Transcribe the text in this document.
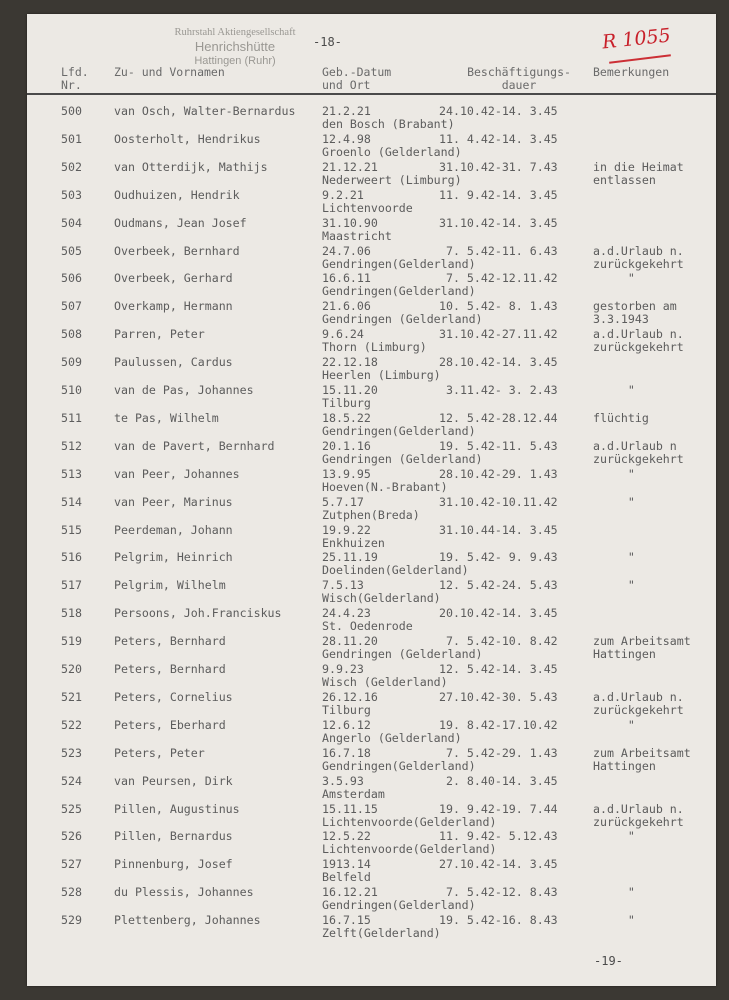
Ruhrstahl Aktiengesellschaft
Henrichshütte
Hattingen (Ruhr)
-18-	R 1055
Lfd.
Nr.
Zu- und Vornamen	Geb.-Datum
und Ort
Beschäftigungs-
dauer
Bemerkungen
500	van Osch, Walter-Bernardus 21.2.21
den Bosch (Brabant)
24.10.42-14. 3.45
501	Oosterholt, Hendrikus	12.4.98
Groenlo (Gelderland)
11. 4.42-14. 3.45
502	van Otterdijk, Mathijs	21.12.21
Nederweert (Limburg)
31.10.42-31. 7.43	in die Heimat
entlassen
503	Oudhuizen, Hendrik	9.2.21
Lichtenvoorde
11. 9.42-14. 3.45
504	Oudmans, Jean Josef	31.10.90
Maastricht
31.10.42-14. 3.45
505	Overbeek, Bernhard	24.7.06
Gendringen(Gelderland)
7. 5.42-11. 6.43	a.d.Urlaub n.
zurückgekehrt
506	Overbeek, Gerhard	16.6.11
Gendringen(Gelderland)
7. 5.42-12.11.42	"
507	Overkamp, Hermann	21.6.06
Gendringen (Gelderland)
10. 5.42- 8. 1.43	gestorben am
3.3.1943
508	Parren, Peter	9.6.24
Thorn (Limburg)
31.10.42-27.11.42	a.d.Urlaub n.
zurückgekehrt
509	Paulussen, Cardus	22.12.18
Heerlen (Limburg)
28.10.42-14. 3.45
510	van de Pas, Johannes	15.11.20
Tilburg
3.11.42- 3. 2.43	"
511	te Pas, Wilhelm	18.5.22
Gendringen(Gelderland)
12. 5.42-28.12.44	flüchtig
512	van de Pavert, Bernhard	20.1.16
Gendringen (Gelderland)
19. 5.42-11. 5.43	a.d.Urlaub n
zurückgekehrt
513	van Peer, Johannes	13.9.95
Hoeven(N.-Brabant)
28.10.42-29. 1.43	"
514	van Peer, Marinus	5.7.17
Zutphen(Breda)
31.10.42-10.11.42	"
515	Peerdeman, Johann	19.9.22
Enkhuizen
31.10.44-14. 3.45
516	Pelgrim, Heinrich	25.11.19
Doelinden(Gelderland)
19. 5.42- 9. 9.43	"
517	Pelgrim, Wilhelm	7.5.13
Wisch(Gelderland)
12. 5.42-24. 5.43	"
518	Persoons, Joh.Franciskus	24.4.23
St. Oedenrode
20.10.42-14. 3.45
519	Peters, Bernhard	28.11.20
Gendringen (Gelderland)
7. 5.42-10. 8.42	zum Arbeitsamt
Hattingen
520	Peters, Bernhard	9.9.23
Wisch (Gelderland)
12. 5.42-14. 3.45
521	Peters, Cornelius	26.12.16
Tilburg
27.10.42-30. 5.43	a.d.Urlaub n.
zurückgekehrt
522	Peters, Eberhard	12.6.12
Angerlo (Gelderland)
19. 8.42-17.10.42	"
523	Peters, Peter	16.7.18
Gendringen(Gelderland)
7. 5.42-29. 1.43	zum Arbeitsamt
Hattingen
524	van Peursen, Dirk	3.5.93
Amsterdam
2. 8.40-14. 3.45
525	Pillen, Augustinus	15.11.15
Lichtenvoorde(Gelderland)
19. 9.42-19. 7.44	a.d.Urlaub n.
zurückgekehrt
526	Pillen, Bernardus	12.5.22
Lichtenvoorde(Gelderland)
11. 9.42- 5.12.43	"
527	Pinnenburg, Josef	1913.14
Belfeld
27.10.42-14. 3.45
528	du Plessis, Johannes	16.12.21
Gendringen(Gelderland)
7. 5.42-12. 8.43	"
529	Plettenberg, Johannes	16.7.15
Zelft(Gelderland)
19. 5.42-16. 8.43	"
-19-
